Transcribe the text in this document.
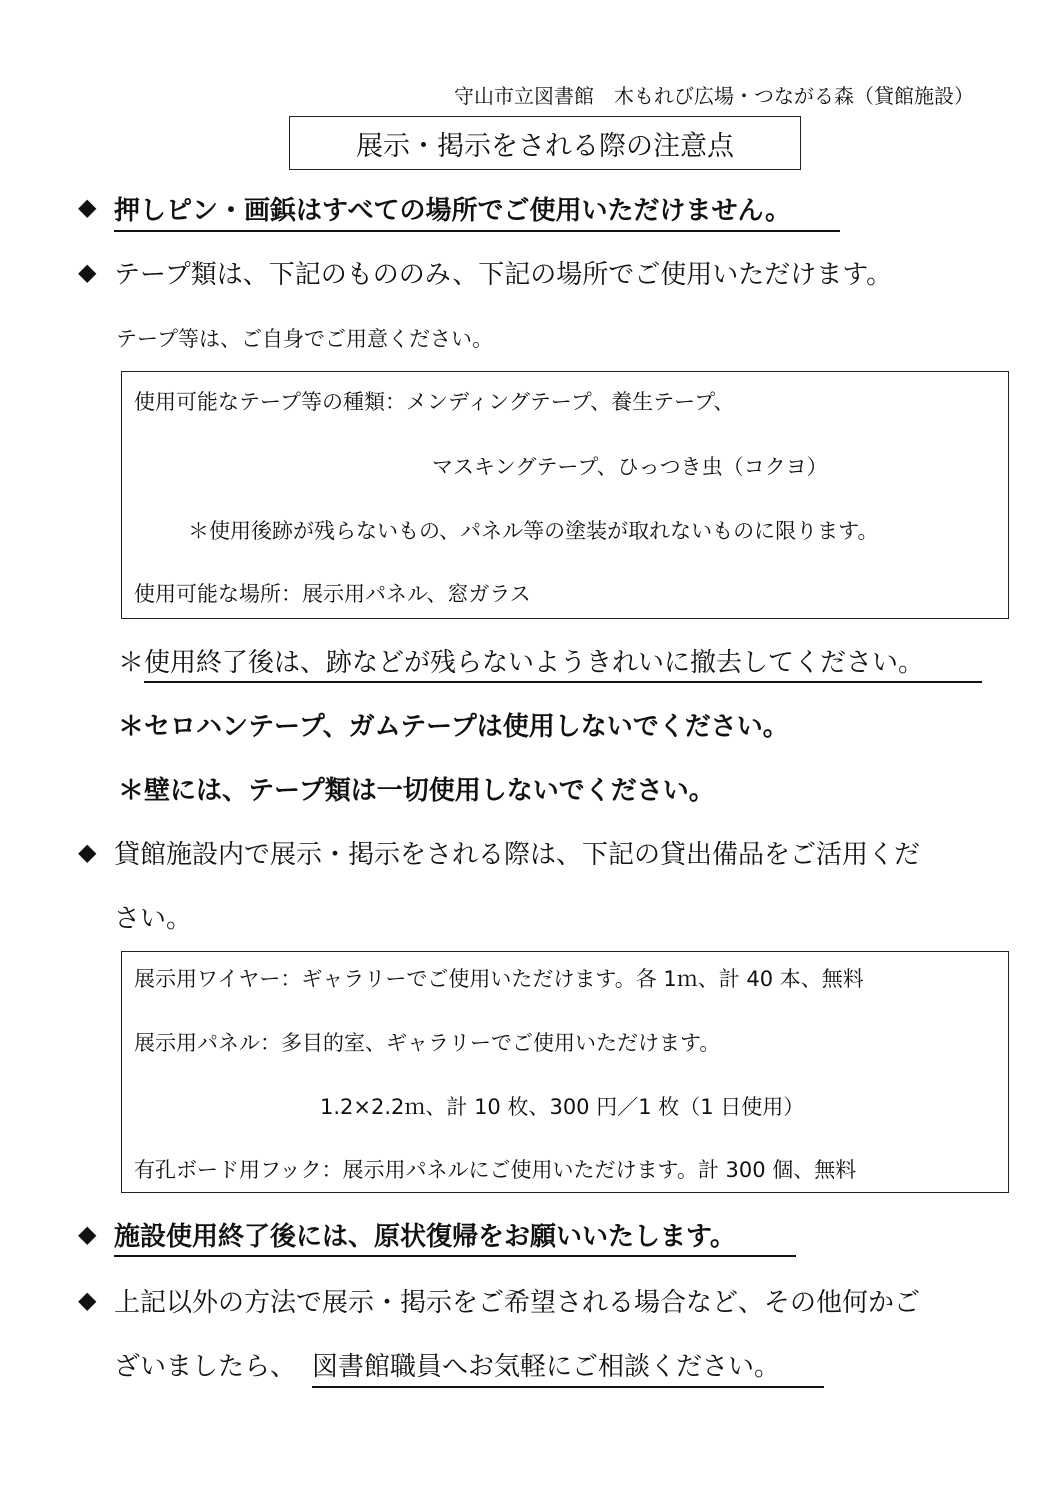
守山市立図書館　木もれび広場・つながる森（貸館施設）
展示・掲示をされる際の注意点
◆ 押しピン・画鋲はすべての場所でご使用いただけません。
◆ テープ類は、下記のもののみ、下記の場所でご使用いただけます。
テープ等は、ご自身でご用意ください。
使用可能なテープ等の種類：メンディングテープ、養生テープ、
マスキングテープ、ひっつき虫（コクヨ）
＊使用後跡が残らないもの、パネル等の塗装が取れないものに限ります。
使用可能な場所：展示用パネル、窓ガラス
＊ 使用終了後は、跡などが残らないようきれいに撤去してください。
＊セロハンテープ、ガムテープは使用しないでください。
＊壁には、テープ類は一切使用しないでください。
◆ 貸館施設内で展示・掲示をされる際は、下記の貸出備品をご活用くだ
さい。
展示用ワイヤー：ギャラリーでご使用いただけます。各 1ｍ、計 40 本、無料
展示用パネル：多目的室、ギャラリーでご使用いただけます。
1.2×2.2ｍ、計 10 枚、300 円／1 枚（1 日使用）
有孔ボード用フック：展示用パネルにご使用いただけます。計 300 個、無料
◆ 施設使用終了後には、原状復帰をお願いいたします。
◆ 上記以外の方法で展示・掲示をご希望される場合など、その他何かご
ざいましたら、 図書館職員へお気軽にご相談ください。
